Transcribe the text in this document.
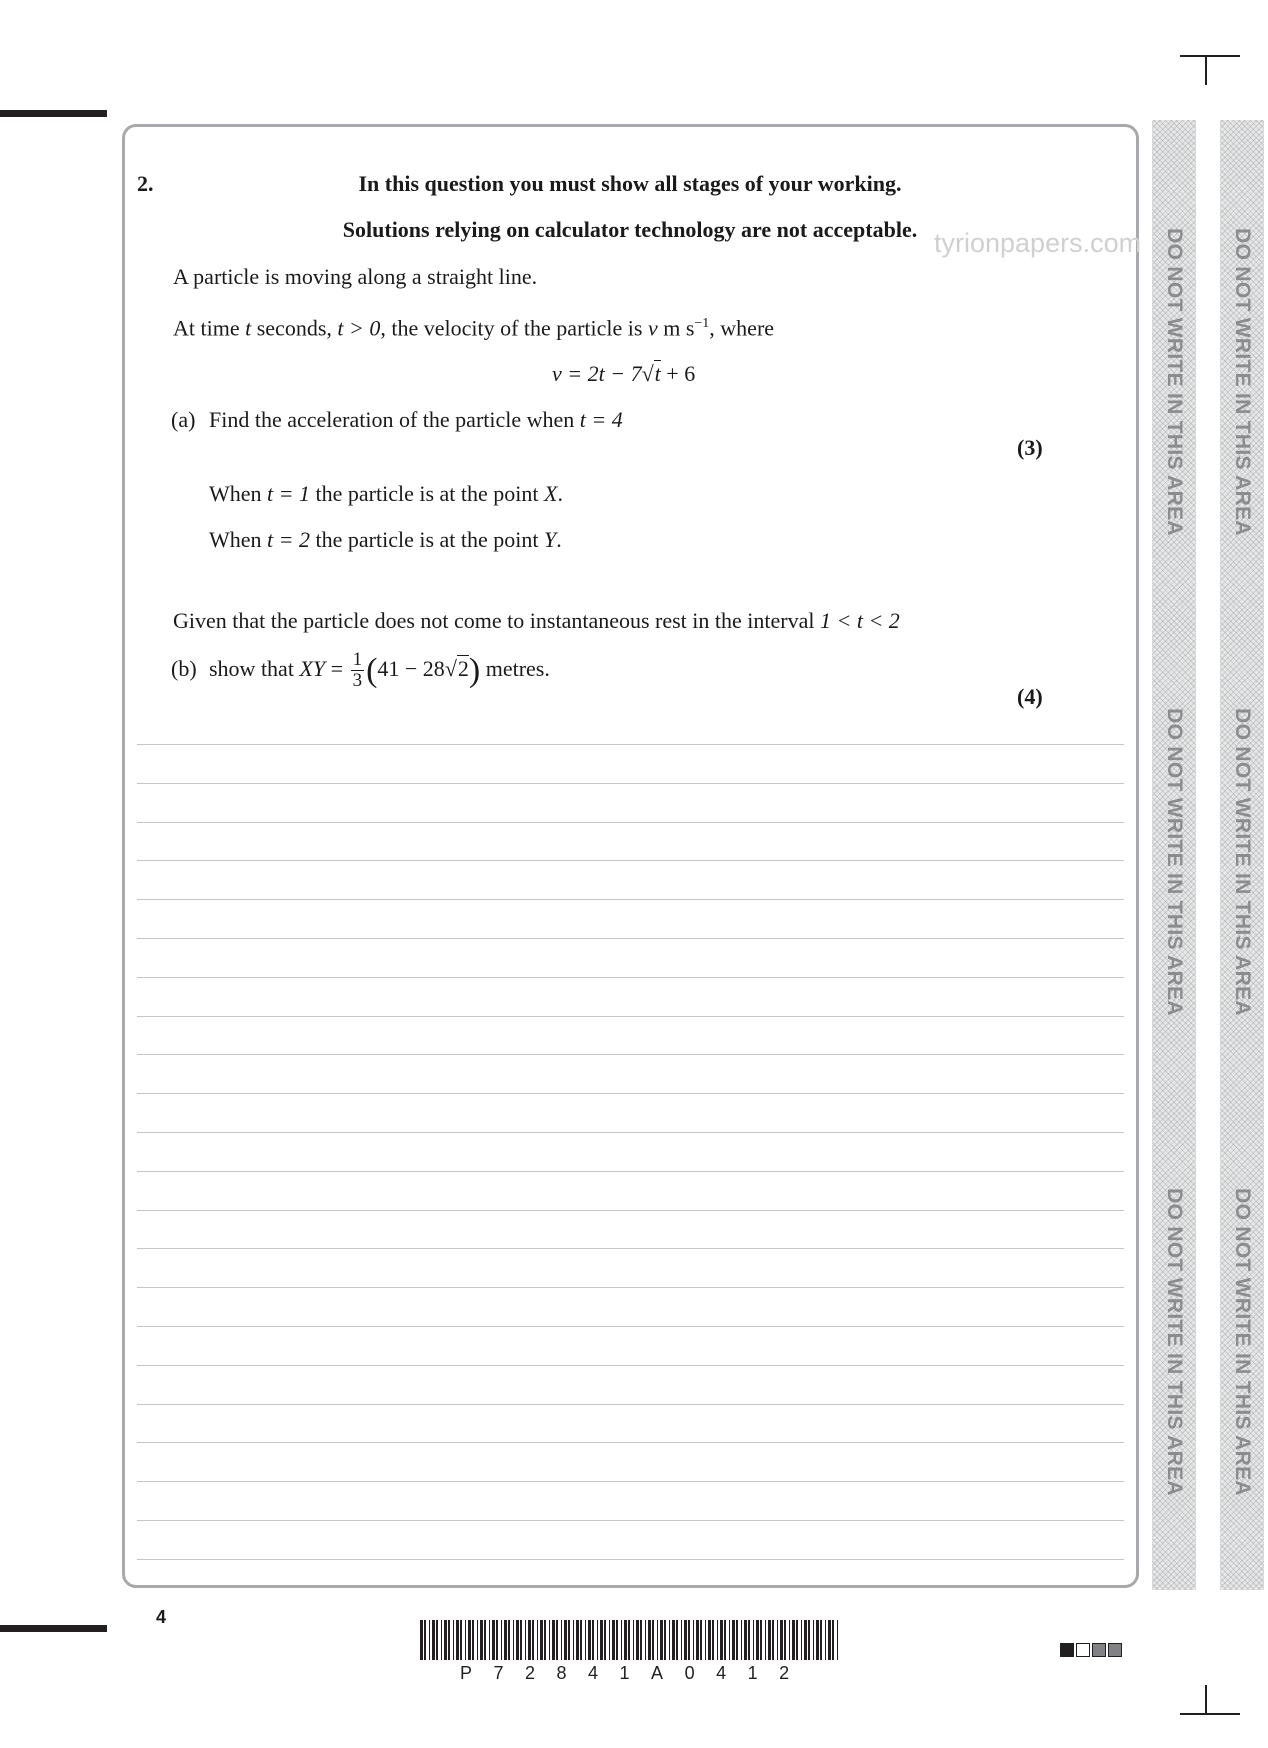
DO NOT WRITE IN THIS AREA
DO NOT WRITE IN THIS AREA
DO NOT WRITE IN THIS AREA
DO NOT WRITE IN THIS AREA
DO NOT WRITE IN THIS AREA
DO NOT WRITE IN THIS AREA
tyrionpapers.com
2.	In this question you must show all stages of your working.
Solutions relying on calculator technology are not acceptable.
A particle is moving along a straight line.
At time t seconds, t > 0, the velocity of the particle is v m $s^{-1}$, where
v = 2t − 7√t + 6
(a) Find the acceleration of the particle when t = 4
(3)
When t = 1 the particle is at the point X.
When t = 2 the particle is at the point Y.
Given that the particle does not come to instantaneous rest in the interval 1 < t < 2
(b) show that XY = $\frac{1}{3} (41 - 28√2)$ metres.
(4)
4
P72841A0412
